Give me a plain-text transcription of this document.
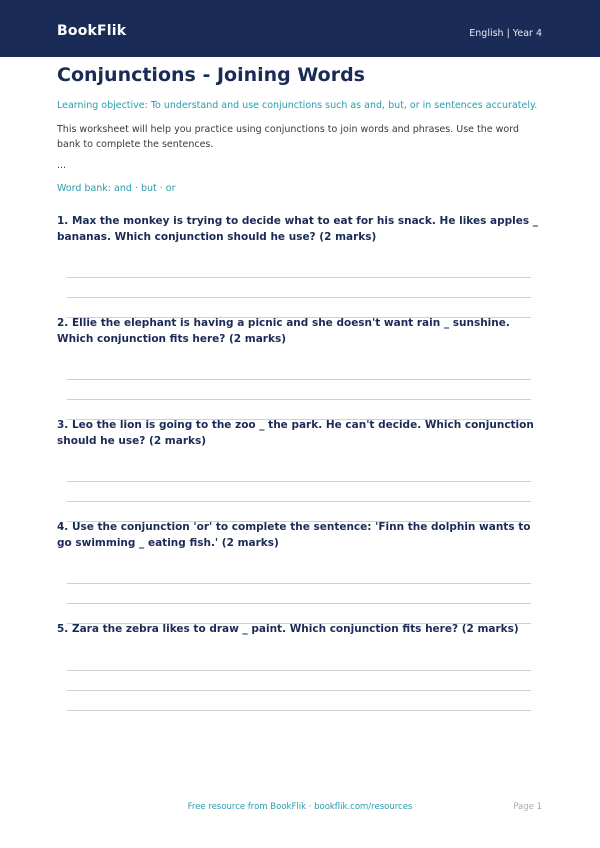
BookFlik	English | Year 4
Conjunctions - Joining Words
Learning objective: To understand and use conjunctions such as and, but, or in sentences accurately.
This worksheet will help you practice using conjunctions to join words and phrases. Use the word bank to complete the sentences.
...
Word bank: and · but · or
1. Max the monkey is trying to decide what to eat for his snack. He likes apples _ bananas. Which conjunction should he use? (2 marks)
2. Ellie the elephant is having a picnic and she doesn't want rain _ sunshine. Which conjunction fits here? (2 marks)
3. Leo the lion is going to the zoo _ the park. He can't decide. Which conjunction should he use? (2 marks)
4. Use the conjunction 'or' to complete the sentence: 'Finn the dolphin wants to go swimming _ eating fish.' (2 marks)
5. Zara the zebra likes to draw _ paint. Which conjunction fits here? (2 marks)
Free resource from BookFlik · bookflik.com/resources	Page 1
